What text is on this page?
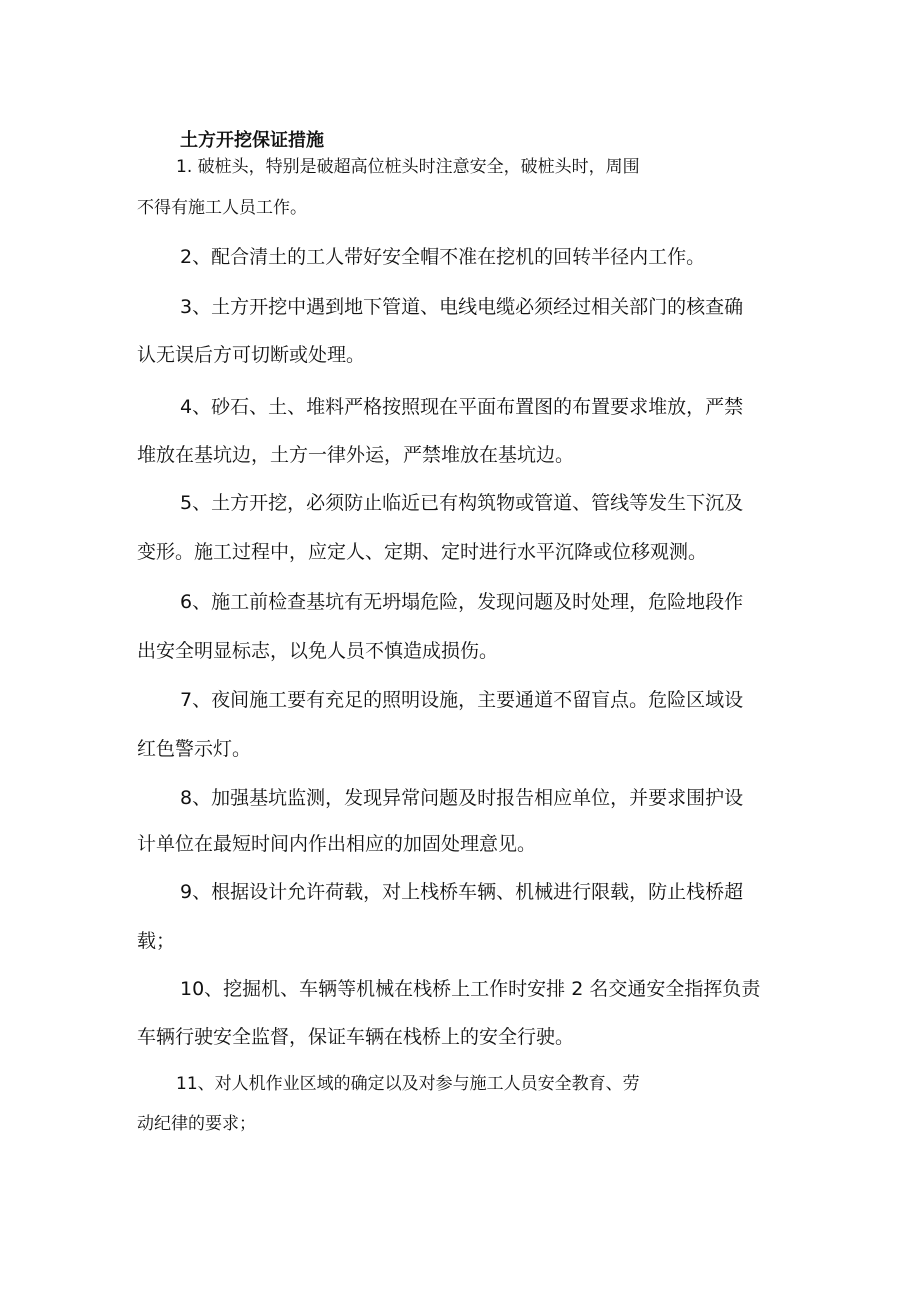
土方开挖保证措施
1. 破桩头，特别是破超高位桩头时注意安全，破桩头时，周围
不得有施工人员工作。
2、配合清土的工人带好安全帽不准在挖机的回转半径内工作。
3、土方开挖中遇到地下管道、电线电缆必须经过相关部门的核查确
认无误后方可切断或处理。
4、砂石、土、堆料严格按照现在平面布置图的布置要求堆放，严禁
堆放在基坑边，土方一律外运，严禁堆放在基坑边。
5、土方开挖，必须防止临近已有构筑物或管道、管线等发生下沉及
变形。施工过程中，应定人、定期、定时进行水平沉降或位移观测。
6、施工前检查基坑有无坍塌危险，发现问题及时处理，危险地段作
出安全明显标志，以免人员不慎造成损伤。
7、夜间施工要有充足的照明设施，主要通道不留盲点。危险区域设
红色警示灯。
8、加强基坑监测，发现异常问题及时报告相应单位，并要求围护设
计单位在最短时间内作出相应的加固处理意见。
9、根据设计允许荷载，对上栈桥车辆、机械进行限载，防止栈桥超
载；
10、挖掘机、车辆等机械在栈桥上工作时安排 2 名交通安全指挥负责
车辆行驶安全监督，保证车辆在栈桥上的安全行驶。
11、对人机作业区域的确定以及对参与施工人员安全教育、劳
动纪律的要求；
